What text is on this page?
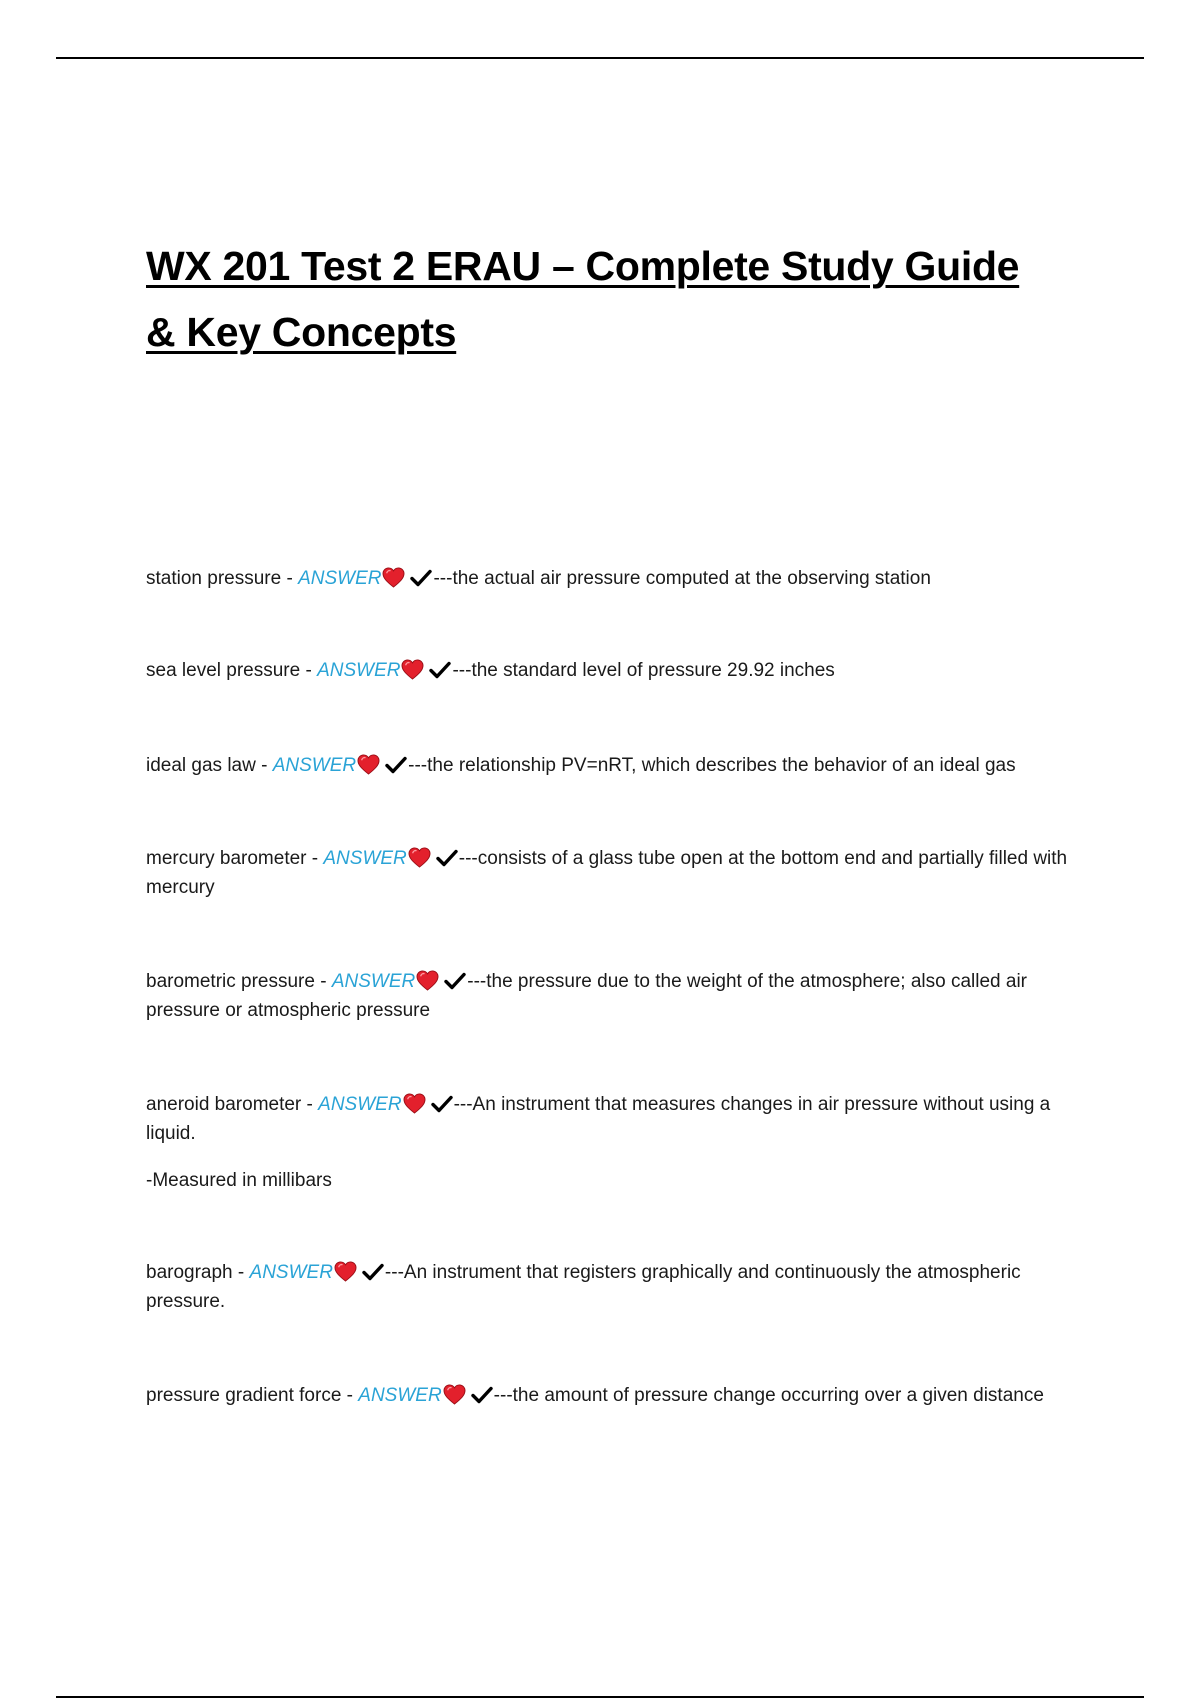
WX 201 Test 2 ERAU – Complete Study Guide
& Key Concepts
station pressure - ANSWER	---the actual air pressure computed at the observing station
sea level pressure - ANSWER	---the standard level of pressure 29.92 inches
ideal gas law - ANSWER	---the relationship PV=nRT, which describes the behavior of an ideal gas
mercury barometer - ANSWER	---consists of a glass tube open at the bottom end and partially filled with mercury
barometric pressure - ANSWER	---the pressure due to the weight of the atmosphere; also called air pressure or atmospheric pressure
aneroid barometer - ANSWER	---An instrument that measures changes in air pressure without using a liquid.
-Measured in millibars
barograph - ANSWER	---An instrument that registers graphically and continuously the atmospheric pressure.
pressure gradient force - ANSWER	---the amount of pressure change occurring over a given distance
